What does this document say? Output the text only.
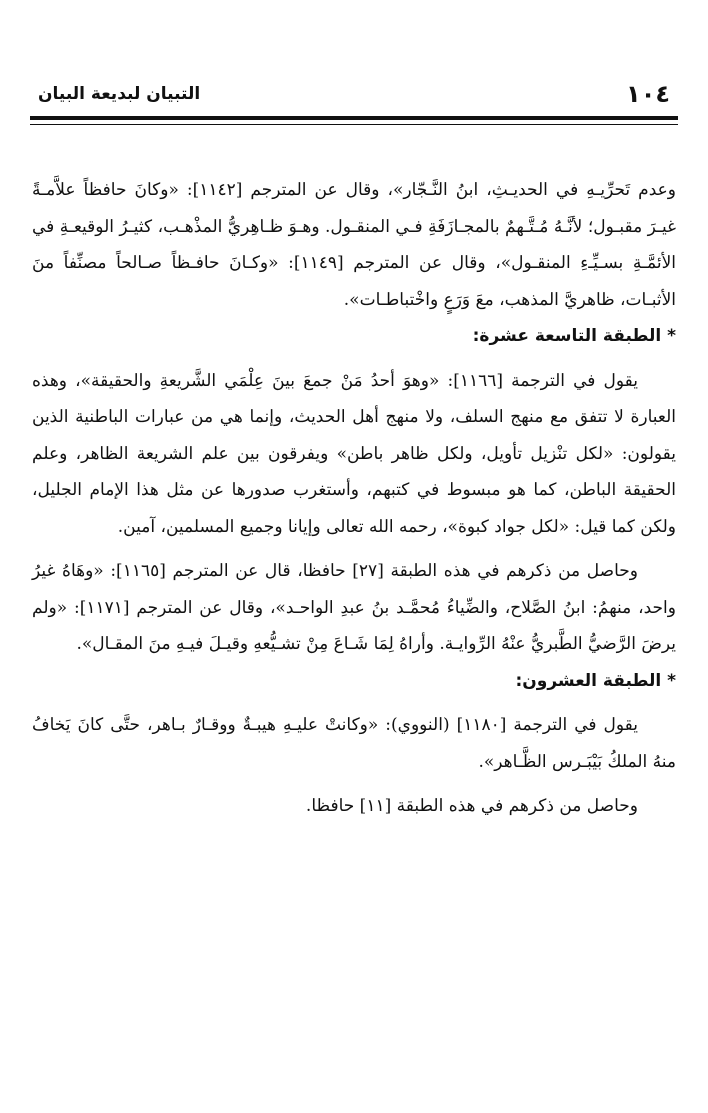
١٠٤
التبيان لبديعة البيان

وعدم تَحرِّيـهِ في الحديـثِ، ابنُ النَّـجّار»، وقال عن المترجم [١١٤٢]: «وكانَ حافظاً علاَّمـةً غيـرَ مقبـول؛ لأنَّـهُ مُـتَّـهمٌ بالمجـازَفَةِ فـي المنقـول. وهـوَ ظـاهِريُّ المذْهـب، كثيـرُ الوقيعـةِ في الأئمَّـةِ بسـيِّـءِ المنقـول»، وقال عن المترجم [١١٤٩]: «وكـانَ حافـظاً صـالحاً مصنِّفاً منَ الأثبـات، ظاهريَّ المذهب، معَ وَرَعٍ واخْتباطـات».

* الطبقة التاسعة عشرة:

يقول في الترجمة [١١٦٦]: «وهوَ أحدُ مَنْ جمعَ بينَ عِلْمَي الشَّريعةِ والحقيقة»، وهذه العبارة لا تتفق مع منهج السلف، ولا منهج أهل الحديث، وإنما هي من عبارات الباطنية الذين يقولون: «لكل تنْزيل تأويل، ولكل ظاهر باطن» ويفرقون بين علم الشريعة الظاهر، وعلم الحقيقة الباطن، كما هو مبسوط في كتبهم، وأستغرب صدورها عن مثل هذا الإمام الجليل، ولكن كما قيل: «لكل جواد كبوة»، رحمه الله تعالى وإيانا وجميع المسلمين، آمين.

وحاصل من ذكرهم في هذه الطبقة [٢٧] حافظا، قال عن المترجم [١١٦٥]: «وهَاهُ غيرُ واحد، منهمُ: ابنُ الصَّلاح، والضِّياءُ مُحمَّـد بنُ عبدِ الواحـد»، وقال عن المترجم [١١٧١]: «ولم يرضَ الرَّضيُّ الطَّبريُّ عنْهُ الرِّوايـة. وأراهُ لِمَا شَـاعَ مِنْ تشـيُّعهِ وقيـلَ فيـهِ منَ المقـال».

* الطبقة العشرون:

يقول في الترجمة [١١٨٠] (النووي): «وكانتْ عليـهِ هيبـةٌ ووقـارٌ بـاهر، حتَّى كانَ يَخافُ منهُ الملكُ بَيْبَـرس الظَّـاهر».

وحاصل من ذكرهم في هذه الطبقة [١١] حافظا.
